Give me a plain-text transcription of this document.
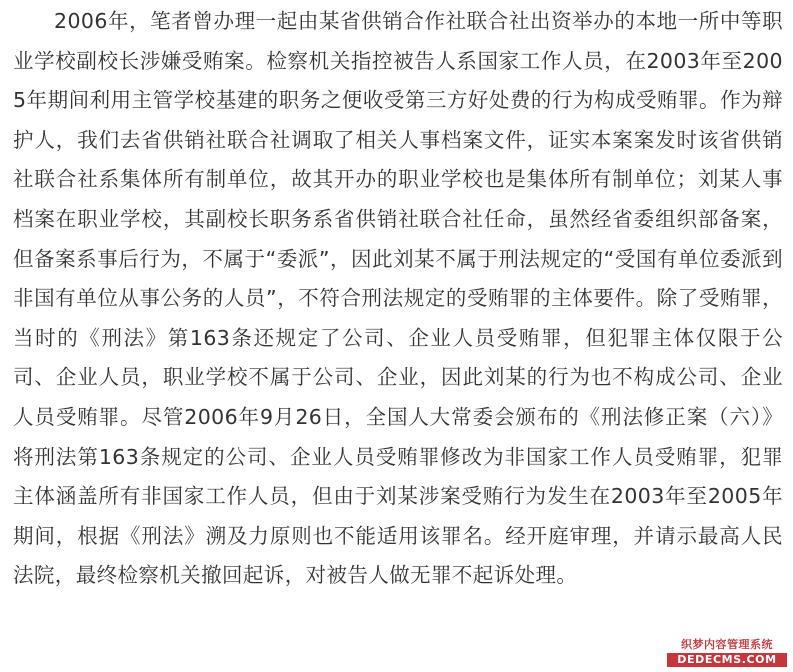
2006年，笔者曾办理一起由某省供销合作社联合社出资举办的本地一所中等职业学校副校长涉嫌受贿案。检察机关指控被告人系国家工作人员，在2003年至2005年期间利用主管学校基建的职务之便收受第三方好处费的行为构成受贿罪。作为辩护人，我们去省供销社联合社调取了相关人事档案文件，证实本案案发时该省供销社联合社系集体所有制单位，故其开办的职业学校也是集体所有制单位；刘某人事档案在职业学校，其副校长职务系省供销社联合社任命，虽然经省委组织部备案，但备案系事后行为，不属于“委派”，因此刘某不属于刑法规定的“受国有单位委派到非国有单位从事公务的人员”，不符合刑法规定的受贿罪的主体要件。除了受贿罪，当时的《刑法》第163条还规定了公司、企业人员受贿罪，但犯罪主体仅限于公司、企业人员，职业学校不属于公司、企业，因此刘某的行为也不构成公司、企业人员受贿罪。尽管2006年9月26日，全国人大常委会颁布的《刑法修正案（六）》将刑法第163条规定的公司、企业人员受贿罪修改为非国家工作人员受贿罪，犯罪主体涵盖所有非国家工作人员，但由于刘某涉案受贿行为发生在2003年至2005年期间，根据《刑法》溯及力原则也不能适用该罪名。经开庭审理，并请示最高人民法院，最终检察机关撤回起诉，对被告人做无罪不起诉处理。

织梦内容管理系统
DEDECMS.COM
